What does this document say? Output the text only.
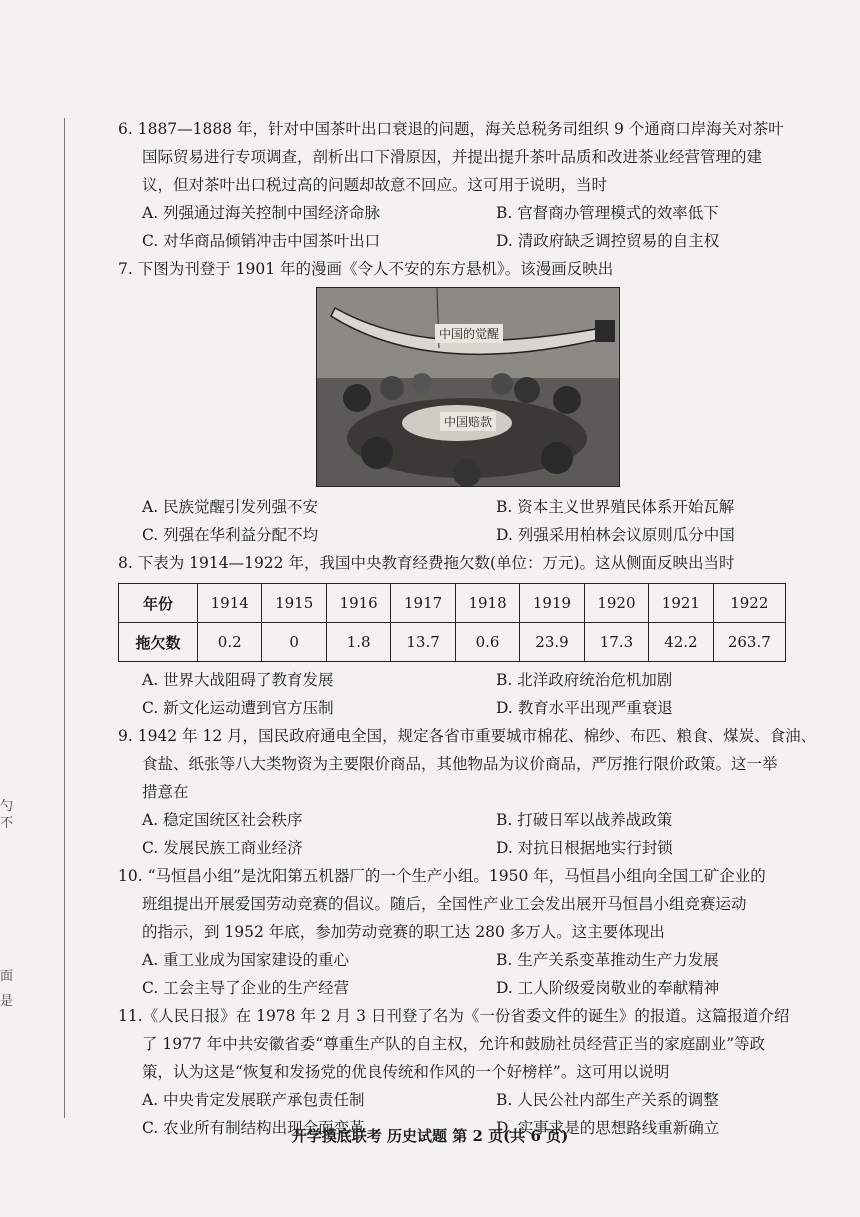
勺
不
面
是
6. 1887—1888 年，针对中国茶叶出口衰退的问题，海关总税务司组织 9 个通商口岸海关对茶叶
国际贸易进行专项调查，剖析出口下滑原因，并提出提升茶叶品质和改进茶业经营管理的建
议，但对茶叶出口税过高的问题却故意不回应。这可用于说明，当时
A. 列强通过海关控制中国经济命脉	B. 官督商办管理模式的效率低下
C. 对华商品倾销冲击中国茶叶出口	D. 清政府缺乏调控贸易的自主权
7. 下图为刊登于 1901 年的漫画《令人不安的东方悬机》。该漫画反映出
中国的觉醒
中国赔款
A. 民族觉醒引发列强不安	B. 资本主义世界殖民体系开始瓦解
C. 列强在华利益分配不均	D. 列强采用柏林会议原则瓜分中国
8. 下表为 1914—1922 年，我国中央教育经费拖欠数(单位：万元)。这从侧面反映出当时
年份	1914	1915	1916	1917	1918	1919	1920	1921	1922
拖欠数	0.2	0	1.8	13.7	0.6	23.9	17.3	42.2	263.7
A. 世界大战阻碍了教育发展	B. 北洋政府统治危机加剧
C. 新文化运动遭到官方压制	D. 教育水平出现严重衰退
9. 1942 年 12 月，国民政府通电全国，规定各省市重要城市棉花、棉纱、布匹、粮食、煤炭、食油、
食盐、纸张等八大类物资为主要限价商品，其他物品为议价商品，严厉推行限价政策。这一举
措意在
A. 稳定国统区社会秩序	B. 打破日军以战养战政策
C. 发展民族工商业经济	D. 对抗日根据地实行封锁
10. “马恒昌小组”是沈阳第五机器厂的一个生产小组。1950 年，马恒昌小组向全国工矿企业的
班组提出开展爱国劳动竞赛的倡议。随后，全国性产业工会发出展开马恒昌小组竞赛运动
的指示，到 1952 年底，参加劳动竞赛的职工达 280 多万人。这主要体现出
A. 重工业成为国家建设的重心	B. 生产关系变革推动生产力发展
C. 工会主导了企业的生产经营	D. 工人阶级爱岗敬业的奉献精神
11.《人民日报》在 1978 年 2 月 3 日刊登了名为《一份省委文件的诞生》的报道。这篇报道介绍
了 1977 年中共安徽省委“尊重生产队的自主权，允许和鼓励社员经营正当的家庭副业”等政
策，认为这是“恢复和发扬党的优良传统和作风的一个好榜样”。这可用以说明
A. 中央肯定发展联产承包责任制	B. 人民公社内部生产关系的调整
C. 农业所有制结构出现全面变革	D. 实事求是的思想路线重新确立
开学摸底联考 历史试题 第 2 页(共 6 页)
